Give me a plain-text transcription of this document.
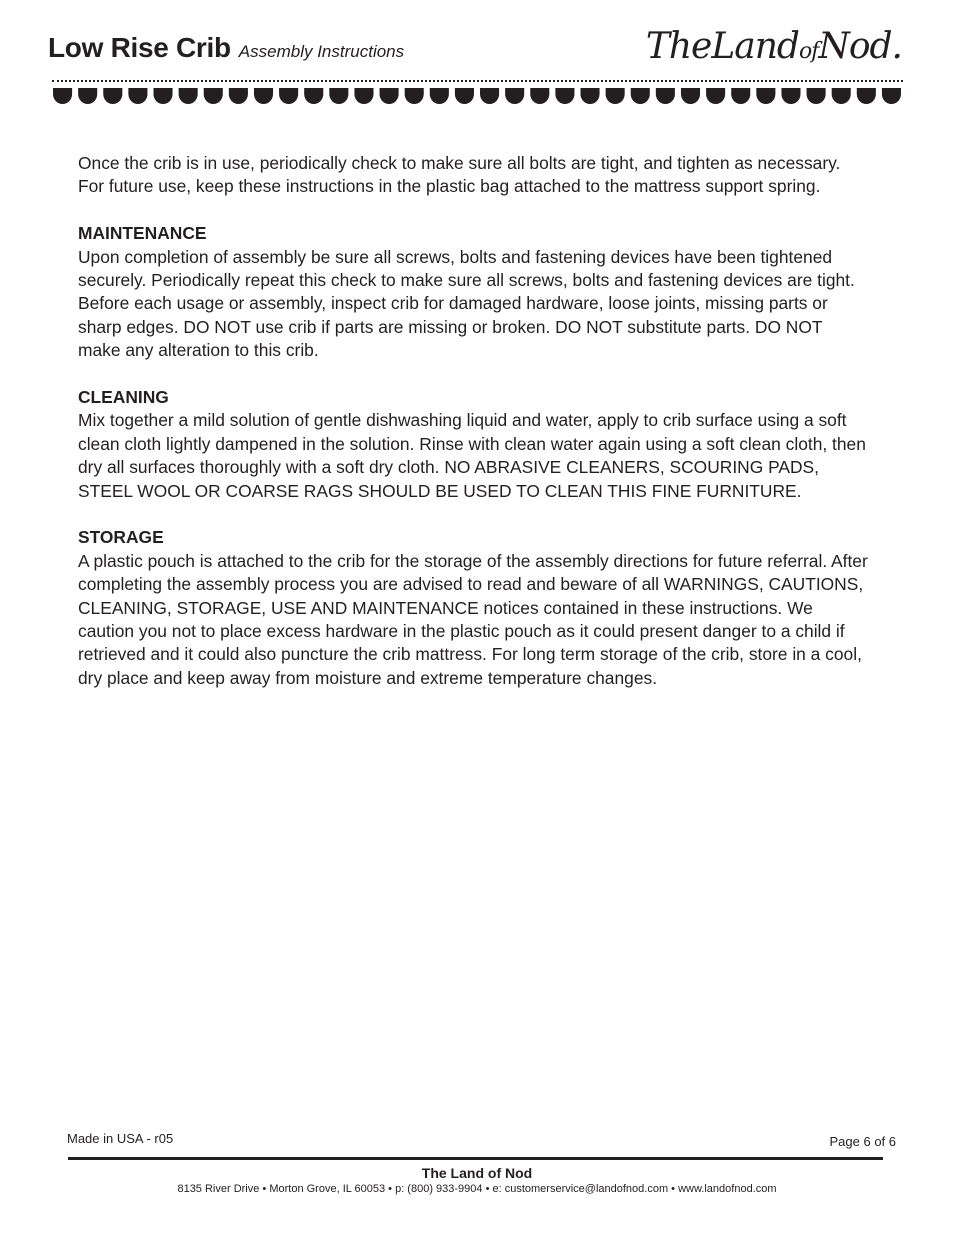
Low Rise Crib Assembly Instructions	TheLandofNod.

Once the crib is in use, periodically check to make sure all bolts are tight, and tighten as necessary. For future use, keep these instructions in the plastic bag attached to the mattress support spring.

MAINTENANCE

Upon completion of assembly be sure all screws, bolts and fastening devices have been tightened securely. Periodically repeat this check to make sure all screws, bolts and fastening devices are tight. Before each usage or assembly, inspect crib for damaged hardware, loose joints, missing parts or sharp edges. DO NOT use crib if parts are missing or broken. DO NOT substitute parts. DO NOT make any alteration to this crib.

CLEANING

Mix together a mild solution of gentle dishwashing liquid and water, apply to crib surface using a soft clean cloth lightly dampened in the solution. Rinse with clean water again using a soft clean cloth, then dry all surfaces thoroughly with a soft dry cloth. NO ABRASIVE CLEANERS, SCOURING PADS, STEEL WOOL OR COARSE RAGS SHOULD BE USED TO CLEAN THIS FINE FURNITURE.

STORAGE

A plastic pouch is attached to the crib for the storage of the assembly directions for future referral. After completing the assembly process you are advised to read and beware of all WARNINGS, CAUTIONS, CLEANING, STORAGE, USE AND MAINTENANCE notices contained in these instructions. We caution you not to place excess hardware in the plastic pouch as it could present danger to a child if retrieved and it could also puncture the crib mattress. For long term storage of the crib, store in a cool, dry place and keep away from moisture and extreme temperature changes.

Made in USA - r05	Page 6 of 6
The Land of Nod
8135 River Drive • Morton Grove, IL 60053 • p: (800) 933-9904 • e: customerservice@landofnod.com • www.landofnod.com
